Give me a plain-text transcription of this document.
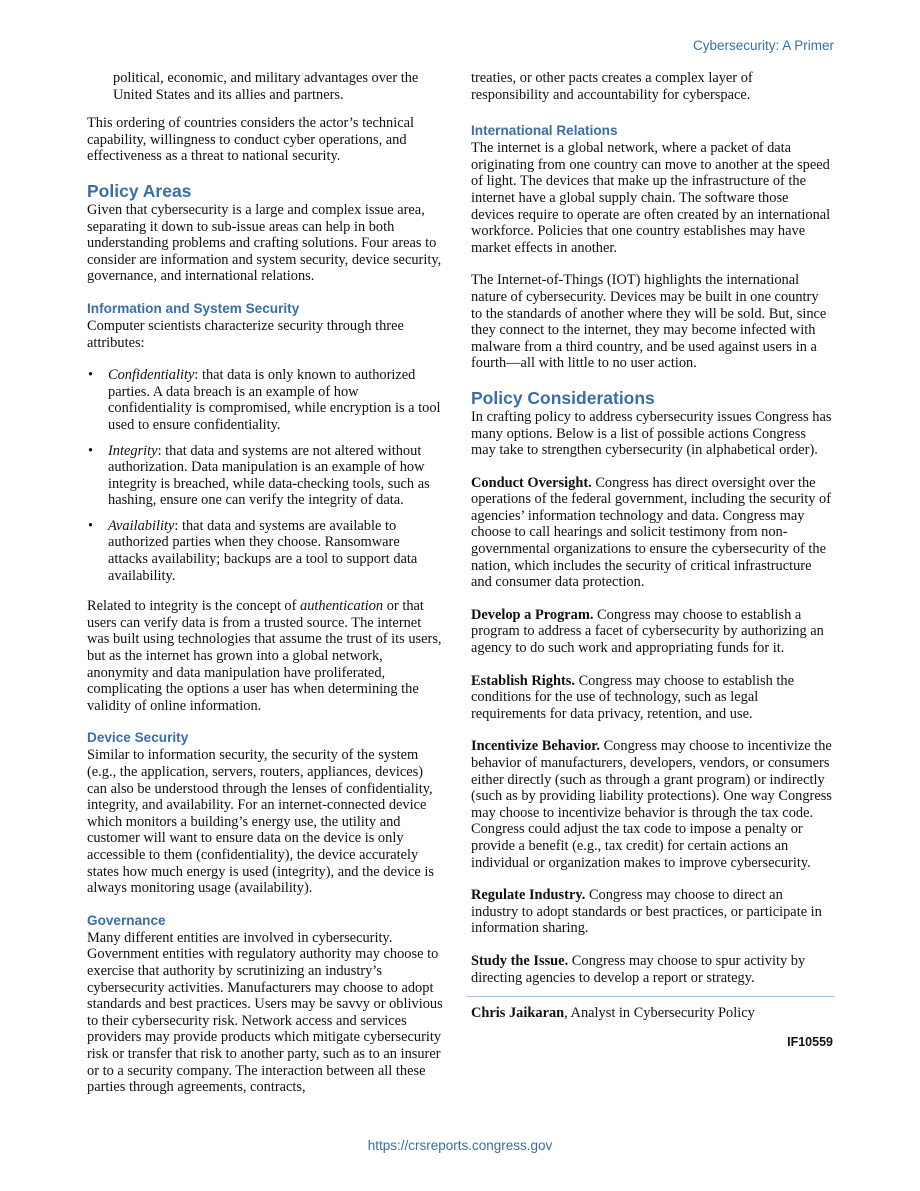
Cybersecurity: A Primer

political, economic, and military advantages over the United States and its allies and partners.

This ordering of countries considers the actor’s technical capability, willingness to conduct cyber operations, and effectiveness as a threat to national security.

Policy Areas

Given that cybersecurity is a large and complex issue area, separating it down to sub-issue areas can help in both understanding problems and crafting solutions. Four areas to consider are information and system security, device security, governance, and international relations.

Information and System Security

Computer scientists characterize security through three attributes:

• Confidentiality: that data is only known to authorized parties. A data breach is an example of how confidentiality is compromised, while encryption is a tool used to ensure confidentiality.
• Integrity: that data and systems are not altered without authorization. Data manipulation is an example of how integrity is breached, while data-checking tools, such as hashing, ensure one can verify the integrity of data.
• Availability: that data and systems are available to authorized parties when they choose. Ransomware attacks availability; backups are a tool to support data availability.

Related to integrity is the concept of authentication or that users can verify data is from a trusted source. The internet was built using technologies that assume the trust of its users, but as the internet has grown into a global network, anonymity and data manipulation have proliferated, complicating the options a user has when determining the validity of online information.

Device Security

Similar to information security, the security of the system (e.g., the application, servers, routers, appliances, devices) can also be understood through the lenses of confidentiality, integrity, and availability. For an internet-connected device which monitors a building’s energy use, the utility and customer will want to ensure data on the device is only accessible to them (confidentiality), the device accurately states how much energy is used (integrity), and the device is always monitoring usage (availability).

Governance

Many different entities are involved in cybersecurity. Government entities with regulatory authority may choose to exercise that authority by scrutinizing an industry’s cybersecurity activities. Manufacturers may choose to adopt standards and best practices. Users may be savvy or oblivious to their cybersecurity risk. Network access and services providers may provide products which mitigate cybersecurity risk or transfer that risk to another party, such as to an insurer or to a security company. The interaction between all these parties through agreements, contracts,

treaties, or other pacts creates a complex layer of responsibility and accountability for cyberspace.

International Relations

The internet is a global network, where a packet of data originating from one country can move to another at the speed of light. The devices that make up the infrastructure of the internet have a global supply chain. The software those devices require to operate are often created by an international workforce. Policies that one country establishes may have market effects in another.

The Internet-of-Things (IOT) highlights the international nature of cybersecurity. Devices may be built in one country to the standards of another where they will be sold. But, since they connect to the internet, they may become infected with malware from a third country, and be used against users in a fourth—all with little to no user action.

Policy Considerations

In crafting policy to address cybersecurity issues Congress has many options. Below is a list of possible actions Congress may take to strengthen cybersecurity (in alphabetical order).

Conduct Oversight. Congress has direct oversight over the operations of the federal government, including the security of agencies’ information technology and data. Congress may choose to call hearings and solicit testimony from non-governmental organizations to ensure the cybersecurity of the nation, which includes the security of critical infrastructure and consumer data protection.

Develop a Program. Congress may choose to establish a program to address a facet of cybersecurity by authorizing an agency to do such work and appropriating funds for it.

Establish Rights. Congress may choose to establish the conditions for the use of technology, such as legal requirements for data privacy, retention, and use.

Incentivize Behavior. Congress may choose to incentivize the behavior of manufacturers, developers, vendors, or consumers either directly (such as through a grant program) or indirectly (such as by providing liability protections). One way Congress may choose to incentivize behavior is through the tax code. Congress could adjust the tax code to impose a penalty or provide a benefit (e.g., tax credit) for certain actions an individual or organization makes to improve cybersecurity.

Regulate Industry. Congress may choose to direct an industry to adopt standards or best practices, or participate in information sharing.

Study the Issue. Congress may choose to spur activity by directing agencies to develop a report or strategy.

Chris Jaikaran, Analyst in Cybersecurity Policy

IF10559
https://crsreports.congress.gov
